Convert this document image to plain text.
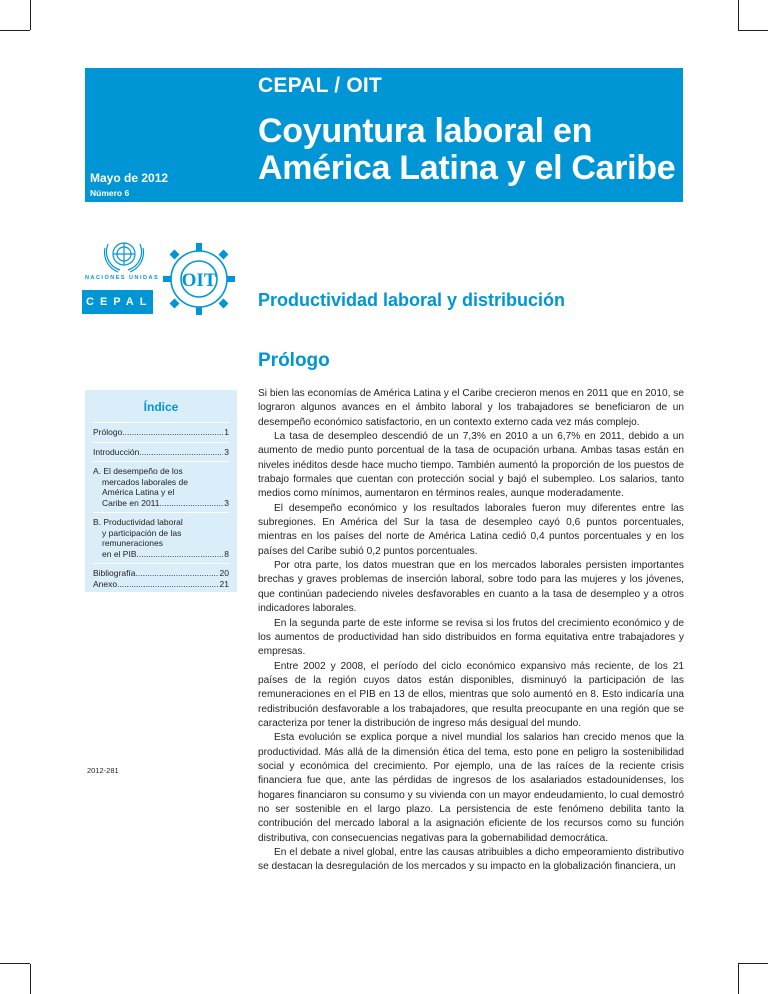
CEPAL / OIT
Coyuntura laboral en
América Latina y el Caribe
Mayo de 2012
Número 6
NACIONES UNIDAS
CEPAL
OIT
Productividad laboral y distribución
Prólogo
Índice
Prólogo .....	1
Introducción .....	3
A. El desempeño de los
mercados laborales de
América Latina y el
Caribe en 2011 .....	3
B. Productividad laboral
y participación de las
remuneraciones
en el PIB .....	8
Bibliografía .....	20
Anexo .....	21
2012-281

Si bien las economías de América Latina y el Caribe crecieron menos en 2011 que en 2010, se lograron algunos avances en el ámbito laboral y los trabajadores se beneficiaron de un desempeño económico satisfactorio, en un contexto externo cada vez más complejo.

La tasa de desempleo descendió de un 7,3% en 2010 a un 6,7% en 2011, debido a un aumento de medio punto porcentual de la tasa de ocupación urbana. Ambas tasas están en niveles inéditos desde hace mucho tiempo. También aumentó la proporción de los puestos de trabajo formales que cuentan con protección social y bajó el subempleo. Los salarios, tanto medios como mínimos, aumentaron en términos reales, aunque moderadamente.

El desempeño económico y los resultados laborales fueron muy diferentes entre las subregiones. En América del Sur la tasa de desempleo cayó 0,6 puntos porcentuales, mientras en los países del norte de América Latina cedió 0,4 puntos porcentuales y en los países del Caribe subió 0,2 puntos porcentuales.

Por otra parte, los datos muestran que en los mercados laborales persisten importantes brechas y graves problemas de inserción laboral, sobre todo para las mujeres y los jóvenes, que continúan padeciendo niveles desfavorables en cuanto a la tasa de desempleo y a otros indicadores laborales.

En la segunda parte de este informe se revisa si los frutos del crecimiento económico y de los aumentos de productividad han sido distribuidos en forma equitativa entre trabajadores y empresas.

Entre 2002 y 2008, el período del ciclo económico expansivo más reciente, de los 21 países de la región cuyos datos están disponibles, disminuyó la participación de las remuneraciones en el PIB en 13 de ellos, mientras que solo aumentó en 8. Esto indicaría una redistribución desfavorable a los trabajadores, que resulta preocupante en una región que se caracteriza por tener la distribución de ingreso más desigual del mundo.

Esta evolución se explica porque a nivel mundial los salarios han crecido menos que la productividad. Más allá de la dimensión ética del tema, esto pone en peligro la sostenibilidad social y económica del crecimiento. Por ejemplo, una de las raíces de la reciente crisis financiera fue que, ante las pérdidas de ingresos de los asalariados estadounidenses, los hogares financiaron su consumo y su vivienda con un mayor endeudamiento, lo cual demostró no ser sostenible en el largo plazo. La persistencia de este fenómeno debilita tanto la contribución del mercado laboral a la asignación eficiente de los recursos como su función distributiva, con consecuencias negativas para la gobernabilidad democrática.

En el debate a nivel global, entre las causas atribuibles a dicho empeoramiento distributivo se destacan la desregulación de los mercados y su impacto en la globalización financiera, un
